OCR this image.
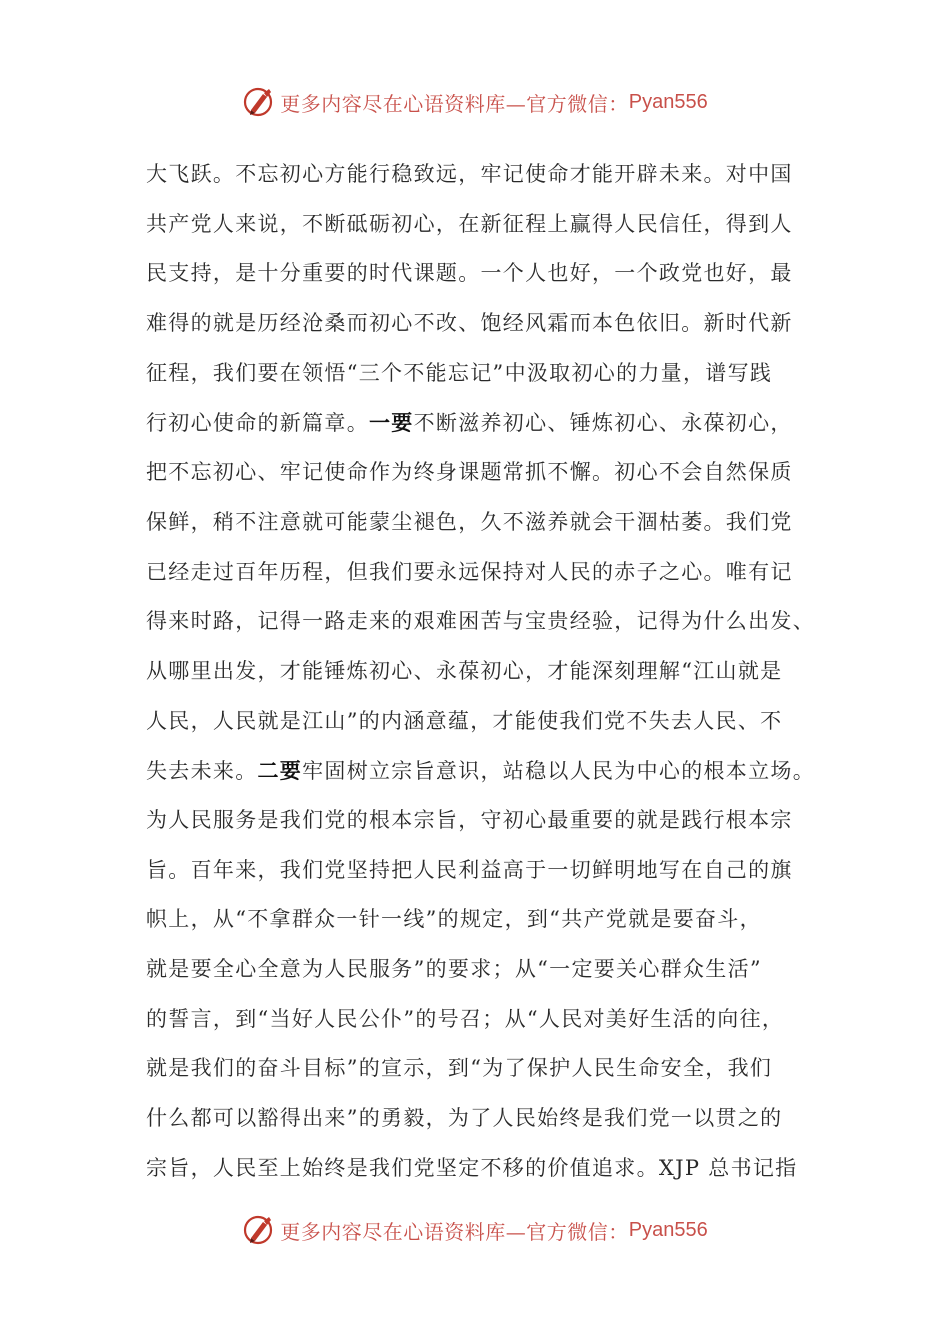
更多内容尽在心语资料库—官方微信： Pyan556
大飞跃。不忘初心方能行稳致远，牢记使命才能开辟未来。对中国
共产党人来说，不断砥砺初心，在新征程上赢得人民信任，得到人
民支持，是十分重要的时代课题。一个人也好，一个政党也好，最
难得的就是历经沧桑而初心不改、饱经风霜而本色依旧。新时代新
征程，我们要在领悟“三个不能忘记”中汲取初心的力量，谱写践
行初心使命的新篇章。一要不断滋养初心、锤炼初心、永葆初心，
把不忘初心、牢记使命作为终身课题常抓不懈。初心不会自然保质
保鲜，稍不注意就可能蒙尘褪色，久不滋养就会干涸枯萎。我们党
已经走过百年历程，但我们要永远保持对人民的赤子之心。唯有记
得来时路，记得一路走来的艰难困苦与宝贵经验，记得为什么出发、
从哪里出发，才能锤炼初心、永葆初心，才能深刻理解“江山就是
人民，人民就是江山”的内涵意蕴，才能使我们党不失去人民、不
失去未来。二要牢固树立宗旨意识，站稳以人民为中心的根本立场。
为人民服务是我们党的根本宗旨，守初心最重要的就是践行根本宗
旨。百年来，我们党坚持把人民利益高于一切鲜明地写在自己的旗
帜上，从“不拿群众一针一线”的规定，到“共产党就是要奋斗，
就是要全心全意为人民服务”的要求；从“一定要关心群众生活”
的誓言，到“当好人民公仆”的号召；从“人民对美好生活的向往，
就是我们的奋斗目标”的宣示，到“为了保护人民生命安全，我们
什么都可以豁得出来”的勇毅，为了人民始终是我们党一以贯之的
宗旨，人民至上始终是我们党坚定不移的价值追求。XJP 总书记指
更多内容尽在心语资料库—官方微信： Pyan556
